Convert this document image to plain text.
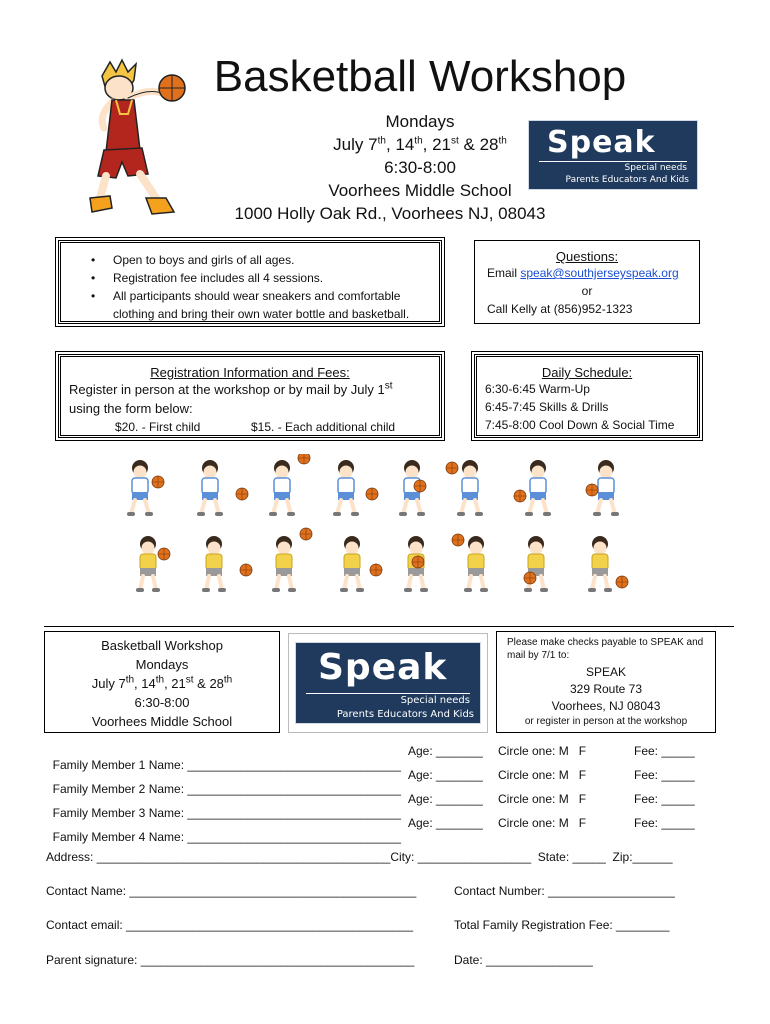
Basketball Workshop
Mondays
July 7th, 14th, 21st & 28th
6:30-8:00
Voorhees Middle School
1000 Holly Oak Rd., Voorhees NJ, 08043
Speak
Special needs
Parents Educators And Kids
• Open to boys and girls of all ages.
• Registration fee includes all 4 sessions.
• All participants should wear sneakers and comfortable clothing and bring their own water bottle and basketball.
Questions:
Email speak@southjerseyspeak.org
or
Call Kelly at (856)952-1323
Registration Information and Fees:
Register in person at the workshop or by mail by July 1st
using the form below:
$20. - First child	$15. - Each additional child
Daily Schedule:
6:30-6:45 Warm-Up
6:45-7:45 Skills & Drills
7:45-8:00 Cool Down & Social Time
Basketball Workshop
Mondays
July 7th, 14th, 21st & 28th
6:30-8:00
Voorhees Middle School
Speak
Special needs
Parents Educators And Kids
Please make checks payable to SPEAK and mail by 7/1 to:
SPEAK
329 Route 73
Voorhees, NJ 08043
or register in person at the workshop

Family Member 1 Name: ________________________________

Age: _______ Circle one: M   F	Fee: _____

Family Member 2 Name: ________________________________

Age: _______ Circle one: M   F	Fee: _____

Family Member 3 Name: ________________________________

Age: _______ Circle one: M   F	Fee: _____

Family Member 4 Name: ________________________________

Age: _______ Circle one: M   F	Fee: _____
Address: ____________________________________________City: _________________  State: _____  Zip:______
Contact Name: ___________________________________________	Contact Number: ___________________
Contact email: ___________________________________________	Total Family Registration Fee: ________
Parent signature: _________________________________________	Date: ________________
